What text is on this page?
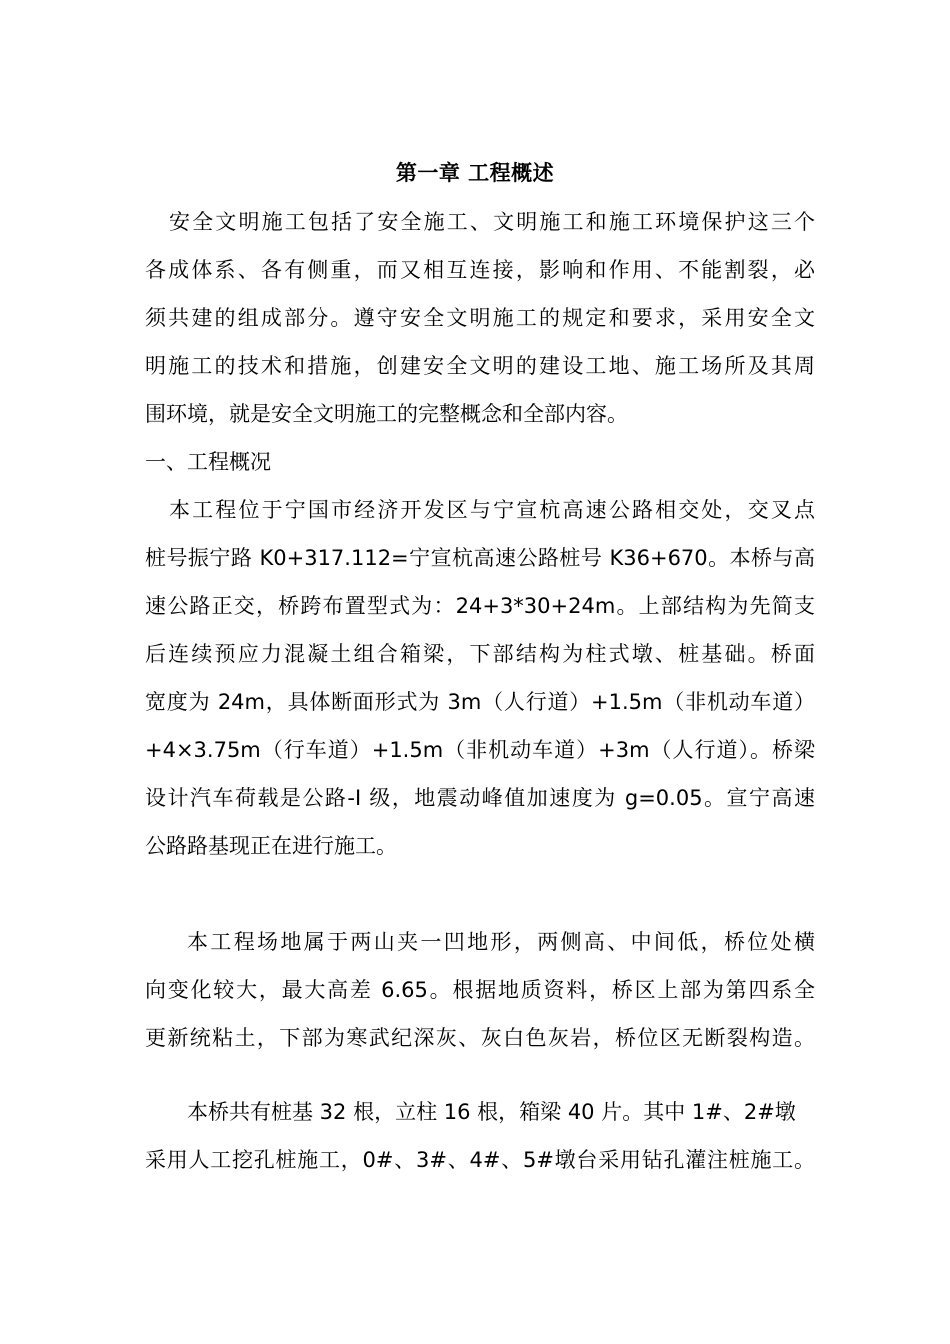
第一章 工程概述
安全文明施工包括了安全施工、文明施工和施工环境保护这三个
各成体系、各有侧重，而又相互连接，影响和作用、不能割裂，必
须共建的组成部分。遵守安全文明施工的规定和要求，采用安全文
明施工的技术和措施，创建安全文明的建设工地、施工场所及其周
围环境，就是安全文明施工的完整概念和全部内容。
一、工程概况
本工程位于宁国市经济开发区与宁宣杭高速公路相交处，交叉点
桩号振宁路 K0+317.112=宁宣杭高速公路桩号 K36+670。本桥与高
速公路正交，桥跨布置型式为：24+3*30+24m。上部结构为先简支
后连续预应力混凝土组合箱梁，下部结构为柱式墩、桩基础。桥面
宽度为 24m，具体断面形式为 3m（人行道）+1.5m（非机动车道）
+4×3.75m（行车道）+1.5m（非机动车道）+3m（人行道）。桥梁
设计汽车荷载是公路-I 级，地震动峰值加速度为 g=0.05。宣宁高速
公路路基现正在进行施工。
本工程场地属于两山夹一凹地形，两侧高、中间低，桥位处横
向变化较大，最大高差 6.65。根据地质资料，桥区上部为第四系全
更新统粘土，下部为寒武纪深灰、灰白色灰岩，桥位区无断裂构造。
本桥共有桩基 32 根，立柱 16 根，箱梁 40 片。其中 1#、2#墩
采用人工挖孔桩施工，0#、3#、4#、5#墩台采用钻孔灌注桩施工。
